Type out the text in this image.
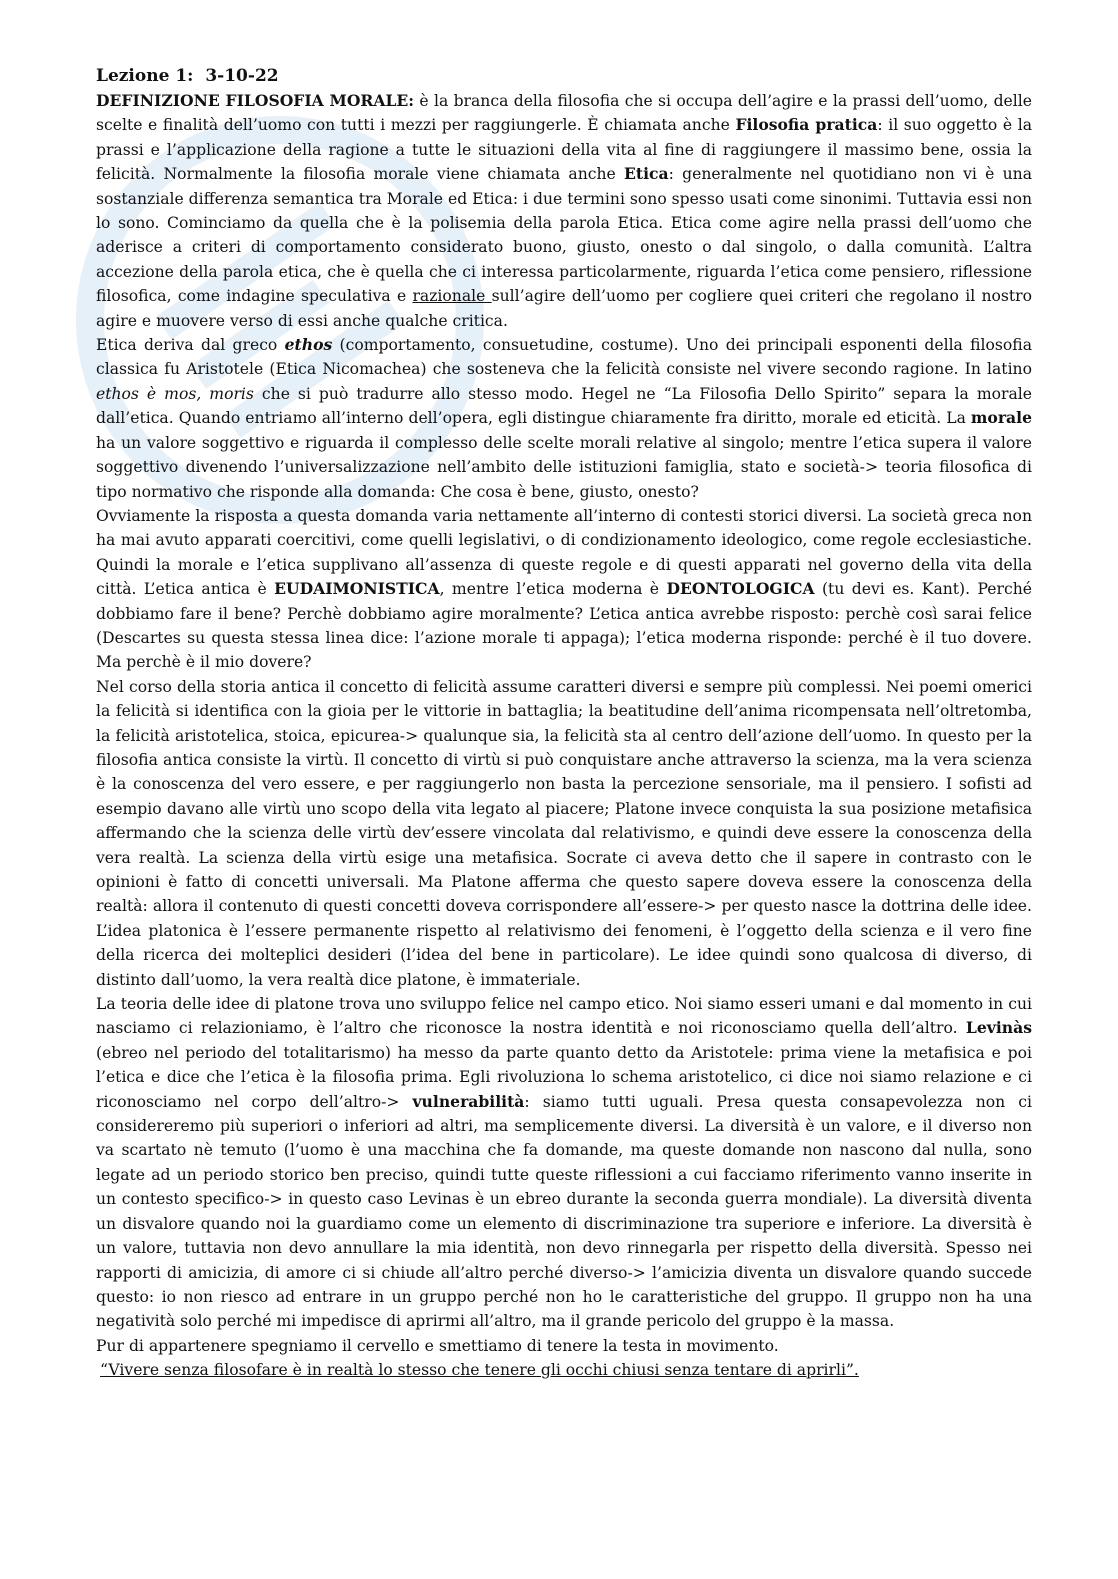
Lezione 1: 3-10-22

DEFINIZIONE FILOSOFIA MORALE: è la branca della filosofia che si occupa dell’agire e la prassi dell’uomo, delle scelte e finalità dell’uomo con tutti i mezzi per raggiungerle. È chiamata anche Filosofia pratica: il suo oggetto è la prassi e l’applicazione della ragione a tutte le situazioni della vita al fine di raggiungere il massimo bene, ossia la felicità. Normalmente la filosofia morale viene chiamata anche Etica: generalmente nel quotidiano non vi è una sostanziale differenza semantica tra Morale ed Etica: i due termini sono spesso usati come sinonimi. Tuttavia essi non lo sono. Cominciamo da quella che è la polisemia della parola Etica. Etica come agire nella prassi dell’uomo che aderisce a criteri di comportamento considerato buono, giusto, onesto o dal singolo, o dalla comunità. L’altra accezione della parola etica, che è quella che ci interessa particolarmente, riguarda l’etica come pensiero, riflessione filosofica, come indagine speculativa e razionale sull’agire dell’uomo per cogliere quei criteri che regolano il nostro agire e muovere verso di essi anche qualche critica.

Etica deriva dal greco ethos (comportamento, consuetudine, costume). Uno dei principali esponenti della filosofia classica fu Aristotele (Etica Nicomachea) che sosteneva che la felicità consiste nel vivere secondo ragione. In latino ethos è mos, moris che si può tradurre allo stesso modo. Hegel ne “La Filosofia Dello Spirito” separa la morale dall’etica. Quando entriamo all’interno dell’opera, egli distingue chiaramente fra diritto, morale ed eticità. La morale ha un valore soggettivo e riguarda il complesso delle scelte morali relative al singolo; mentre l’etica supera il valore soggettivo divenendo l’universalizzazione nell’ambito delle istituzioni famiglia, stato e società-> teoria filosofica di tipo normativo che risponde alla domanda: Che cosa è bene, giusto, onesto?

Ovviamente la risposta a questa domanda varia nettamente all’interno di contesti storici diversi. La società greca non ha mai avuto apparati coercitivi, come quelli legislativi, o di condizionamento ideologico, come regole ecclesiastiche. Quindi la morale e l’etica supplivano all’assenza di queste regole e di questi apparati nel governo della vita della città. L’etica antica è EUDAIMONISTICA, mentre l’etica moderna è DEONTOLOGICA (tu devi es. Kant). Perché dobbiamo fare il bene? Perchè dobbiamo agire moralmente? L’etica antica avrebbe risposto: perchè così sarai felice (Descartes su questa stessa linea dice: l’azione morale ti appaga); l’etica moderna risponde: perché è il tuo dovere. Ma perchè è il mio dovere?

Nel corso della storia antica il concetto di felicità assume caratteri diversi e sempre più complessi. Nei poemi omerici la felicità si identifica con la gioia per le vittorie in battaglia; la beatitudine dell’anima ricompensata nell’oltretomba, la felicità aristotelica, stoica, epicurea-> qualunque sia, la felicità sta al centro dell’azione dell’uomo. In questo per la filosofia antica consiste la virtù. Il concetto di virtù si può conquistare anche attraverso la scienza, ma la vera scienza è la conoscenza del vero essere, e per raggiungerlo non basta la percezione sensoriale, ma il pensiero. I sofisti ad esempio davano alle virtù uno scopo della vita legato al piacere; Platone invece conquista la sua posizione metafisica affermando che la scienza delle virtù dev’essere vincolata dal relativismo, e quindi deve essere la conoscenza della vera realtà. La scienza della virtù esige una metafisica. Socrate ci aveva detto che il sapere in contrasto con le opinioni è fatto di concetti universali. Ma Platone afferma che questo sapere doveva essere la conoscenza della realtà: allora il contenuto di questi concetti doveva corrispondere all’essere-> per questo nasce la dottrina delle idee. L’idea platonica è l’essere permanente rispetto al relativismo dei fenomeni, è l’oggetto della scienza e il vero fine della ricerca dei molteplici desideri (l’idea del bene in particolare). Le idee quindi sono qualcosa di diverso, di distinto dall’uomo, la vera realtà dice platone, è immateriale.

La teoria delle idee di platone trova uno sviluppo felice nel campo etico. Noi siamo esseri umani e dal momento in cui nasciamo ci relazioniamo, è l’altro che riconosce la nostra identità e noi riconosciamo quella dell’altro. Levinàs (ebreo nel periodo del totalitarismo) ha messo da parte quanto detto da Aristotele: prima viene la metafisica e poi l’etica e dice che l’etica è la filosofia prima. Egli rivoluziona lo schema aristotelico, ci dice noi siamo relazione e ci riconosciamo nel corpo dell’altro-> vulnerabilità: siamo tutti uguali. Presa questa consapevolezza non ci considereremo più superiori o inferiori ad altri, ma semplicemente diversi. La diversità è un valore, e il diverso non va scartato nè temuto (l’uomo è una macchina che fa domande, ma queste domande non nascono dal nulla, sono legate ad un periodo storico ben preciso, quindi tutte queste riflessioni a cui facciamo riferimento vanno inserite in un contesto specifico-> in questo caso Levinas è un ebreo durante la seconda guerra mondiale). La diversità diventa un disvalore quando noi la guardiamo come un elemento di discriminazione tra superiore e inferiore. La diversità è un valore, tuttavia non devo annullare la mia identità, non devo rinnegarla per rispetto della diversità. Spesso nei rapporti di amicizia, di amore ci si chiude all’altro perché diverso-> l’amicizia diventa un disvalore quando succede questo: io non riesco ad entrare in un gruppo perché non ho le caratteristiche del gruppo. Il gruppo non ha una negatività solo perché mi impedisce di aprirmi all’altro, ma il grande pericolo del gruppo è la massa.

Pur di appartenere spegniamo il cervello e smettiamo di tenere la testa in movimento.

“Vivere senza filosofare è in realtà lo stesso che tenere gli occhi chiusi senza tentare di aprirli”.
